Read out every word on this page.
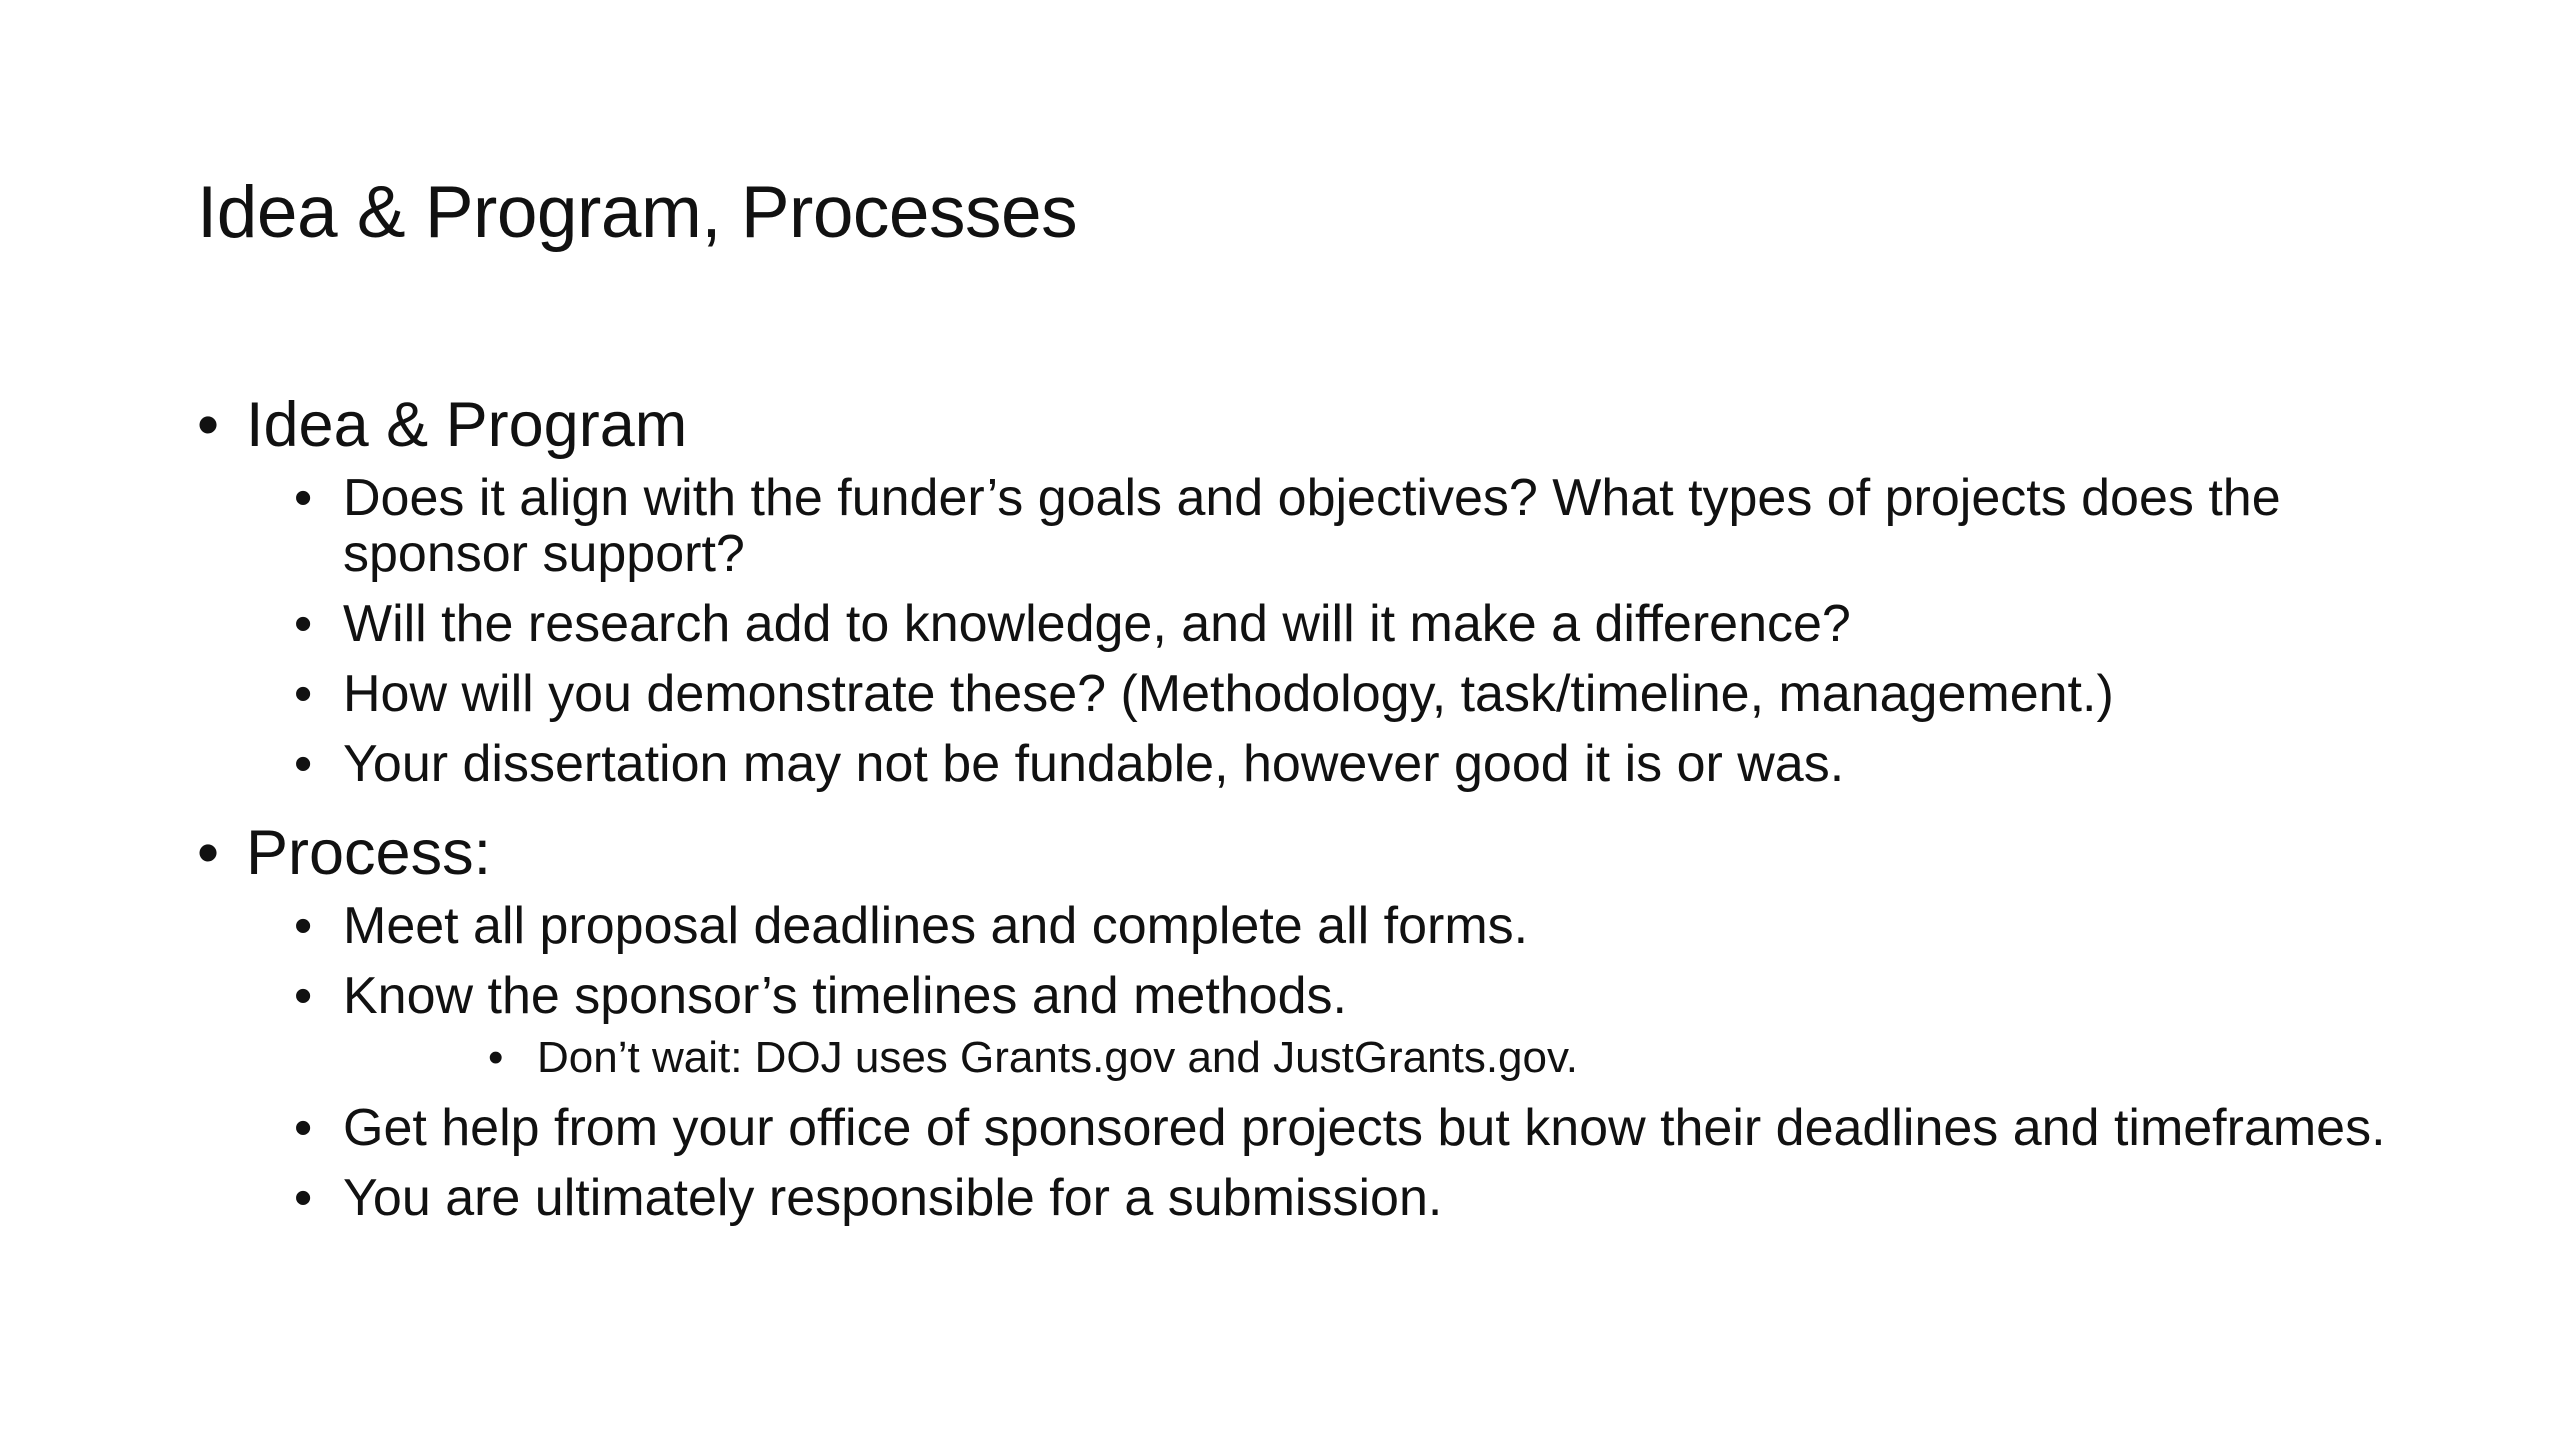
Idea & Program, Processes
• Idea & Program
• Does it align with the funder’s goals and objectives? What types of projects does the sponsor support?
• Will the research add to knowledge, and will it make a difference?
• How will you demonstrate these? (Methodology, task/timeline, management.)
• Your dissertation may not be fundable, however good it is or was.
• Process:
• Meet all proposal deadlines and complete all forms.
• Know the sponsor’s timelines and methods.
• Don’t wait: DOJ uses Grants.gov and JustGrants.gov.
• Get help from your office of sponsored projects but know their deadlines and timeframes.
• You are ultimately responsible for a submission.
